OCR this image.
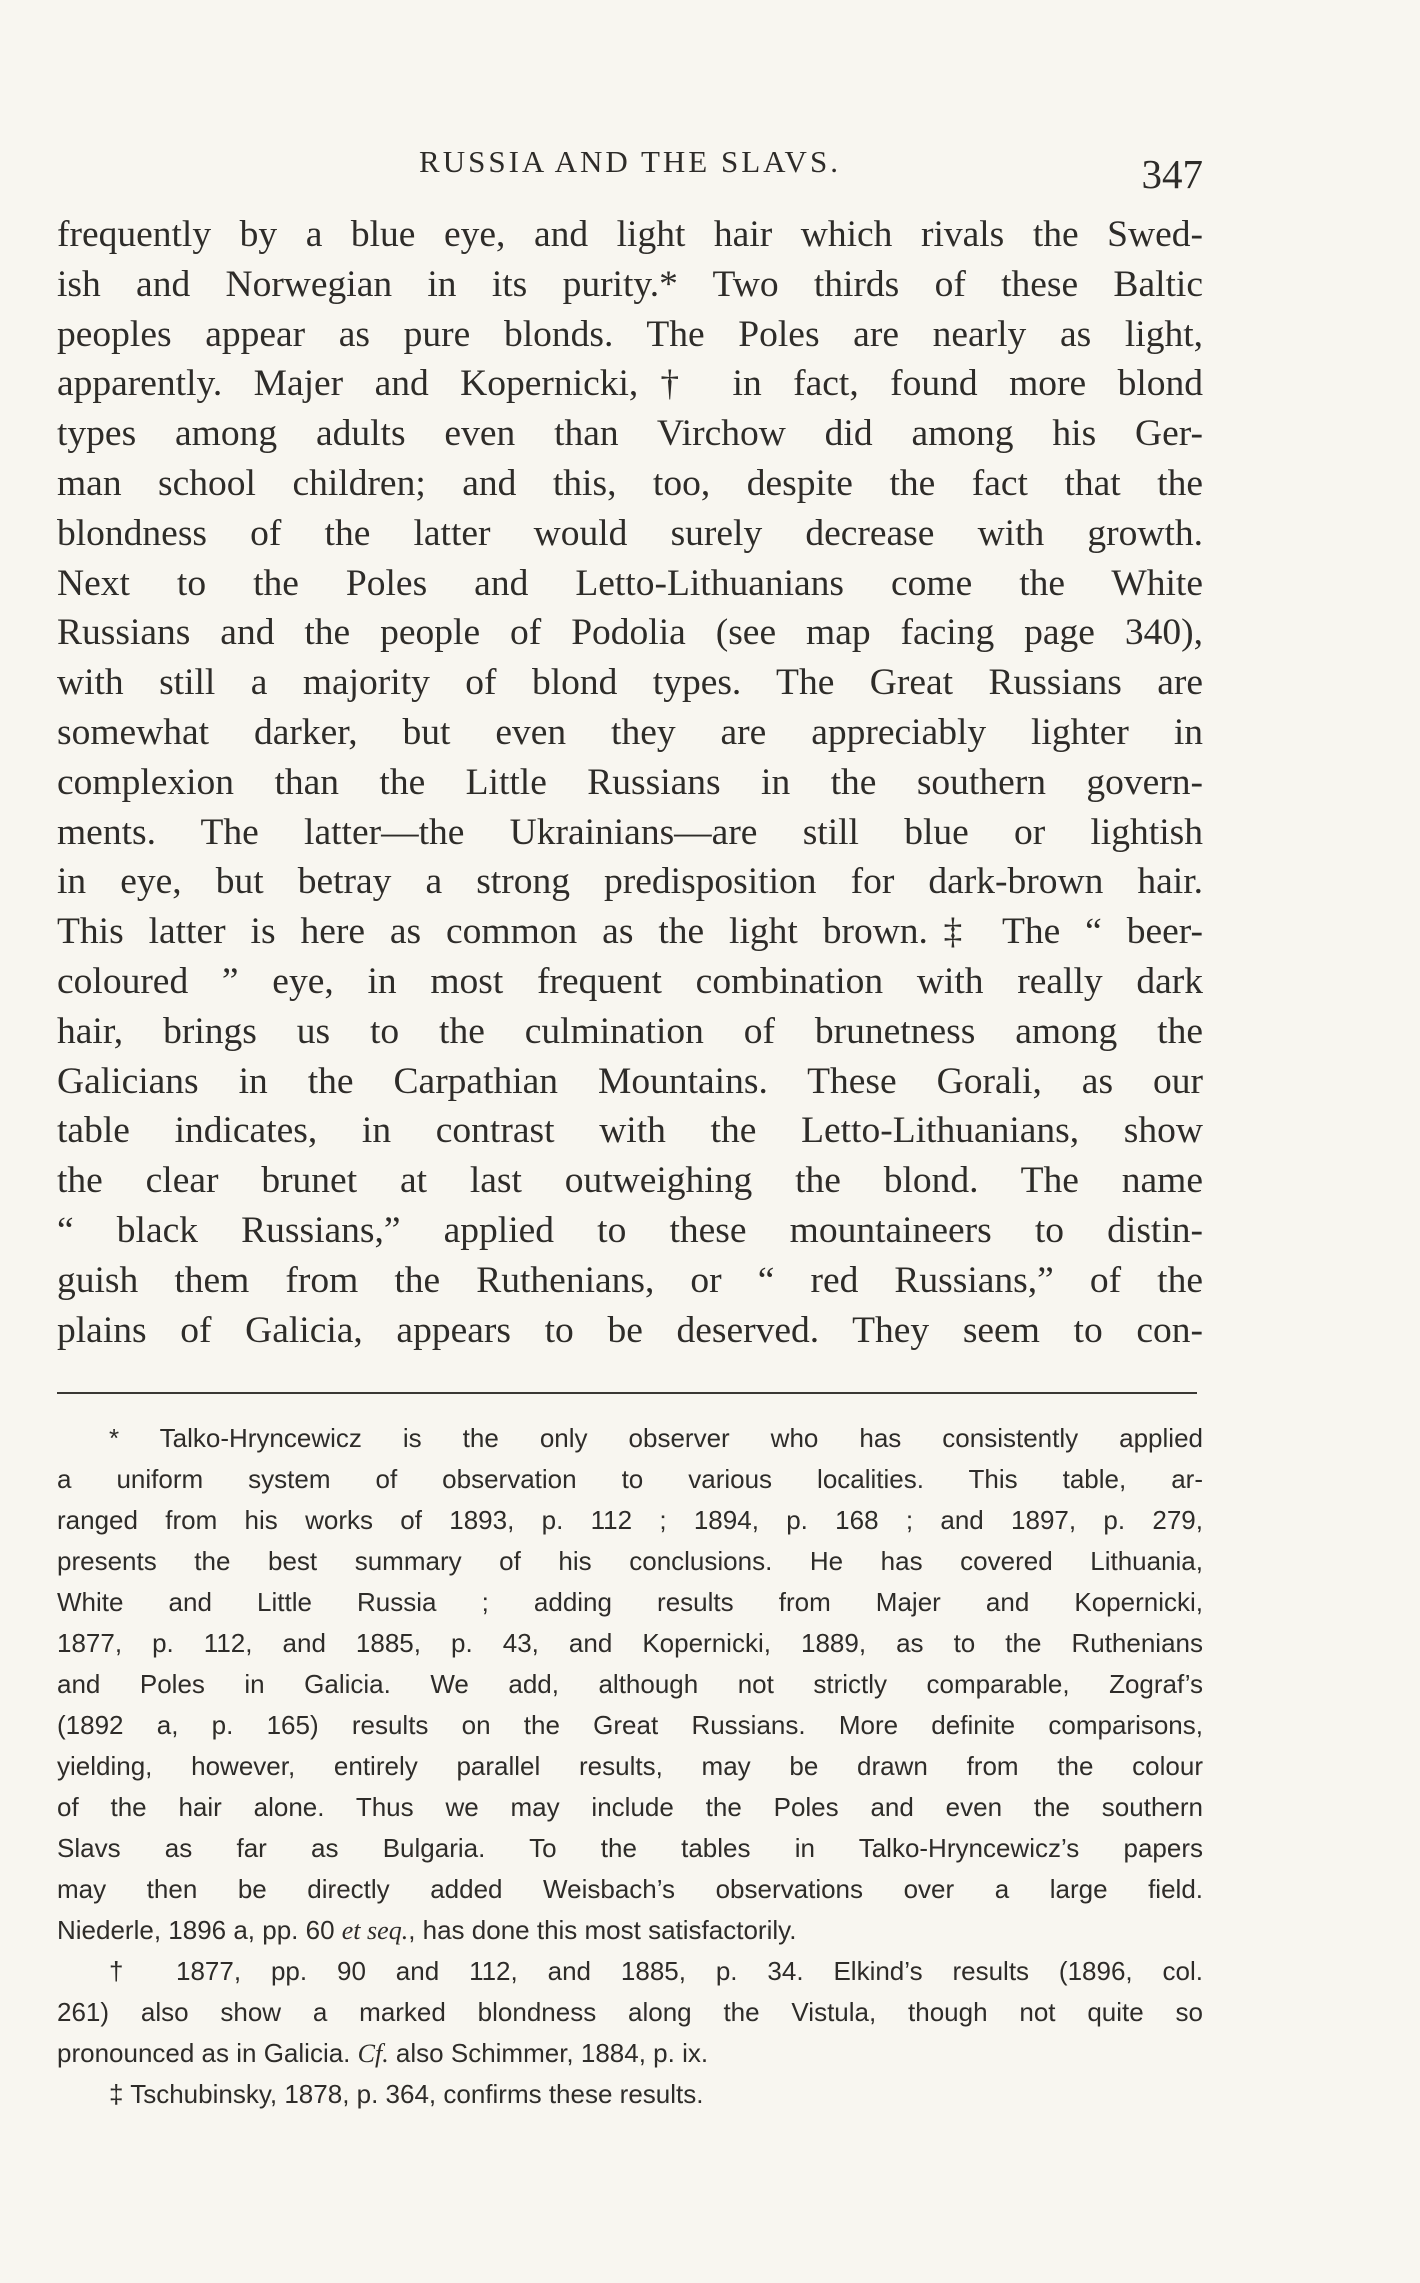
RUSSIA AND THE SLAVS.	347
frequently by a blue eye, and light hair which rivals the Swed-
ish and Norwegian in its purity.* Two thirds of these Baltic
peoples appear as pure blonds. The Poles are nearly as light,
apparently. Majer and Kopernicki,† in fact, found more blond
types among adults even than Virchow did among his Ger-
man school children; and this, too, despite the fact that the
blondness of the latter would surely decrease with growth.
Next to the Poles and Letto-Lithuanians come the White
Russians and the people of Podolia (see map facing page 340),
with still a majority of blond types. The Great Russians are
somewhat darker, but even they are appreciably lighter in
complexion than the Little Russians in the southern govern-
ments. The latter—the Ukrainians—are still blue or lightish
in eye, but betray a strong predisposition for dark-brown hair.
This latter is here as common as the light brown.‡ The “ beer-
coloured ” eye, in most frequent combination with really dark
hair, brings us to the culmination of brunetness among the
Galicians in the Carpathian Mountains. These Gorali, as our
table indicates, in contrast with the Letto-Lithuanians, show
the clear brunet at last outweighing the blond. The name
“ black Russians,” applied to these mountaineers to distin-
guish them from the Ruthenians, or “ red Russians,” of the
plains of Galicia, appears to be deserved. They seem to con-
* Talko-Hryncewicz is the only observer who has consistently applied
a uniform system of observation to various localities. This table, ar-
ranged from his works of 1893, p. 112 ; 1894, p. 168 ; and 1897, p. 279,
presents the best summary of his conclusions. He has covered Lithuania,
White and Little Russia ; adding results from Majer and Kopernicki,
1877, p. 112, and 1885, p. 43, and Kopernicki, 1889, as to the Ruthenians
and Poles in Galicia. We add, although not strictly comparable, Zograf’s
(1892 a, p. 165) results on the Great Russians. More definite comparisons,
yielding, however, entirely parallel results, may be drawn from the colour
of the hair alone. Thus we may include the Poles and even the southern
Slavs as far as Bulgaria. To the tables in Talko-Hryncewicz’s papers
may then be directly added Weisbach’s observations over a large field.
Niederle, 1896 a, pp. 60 et seq., has done this most satisfactorily.
† 1877, pp. 90 and 112, and 1885, p. 34. Elkind’s results (1896, col.
261) also show a marked blondness along the Vistula, though not quite so
pronounced as in Galicia. Cf. also Schimmer, 1884, p. ix.
‡ Tschubinsky, 1878, p. 364, confirms these results.
